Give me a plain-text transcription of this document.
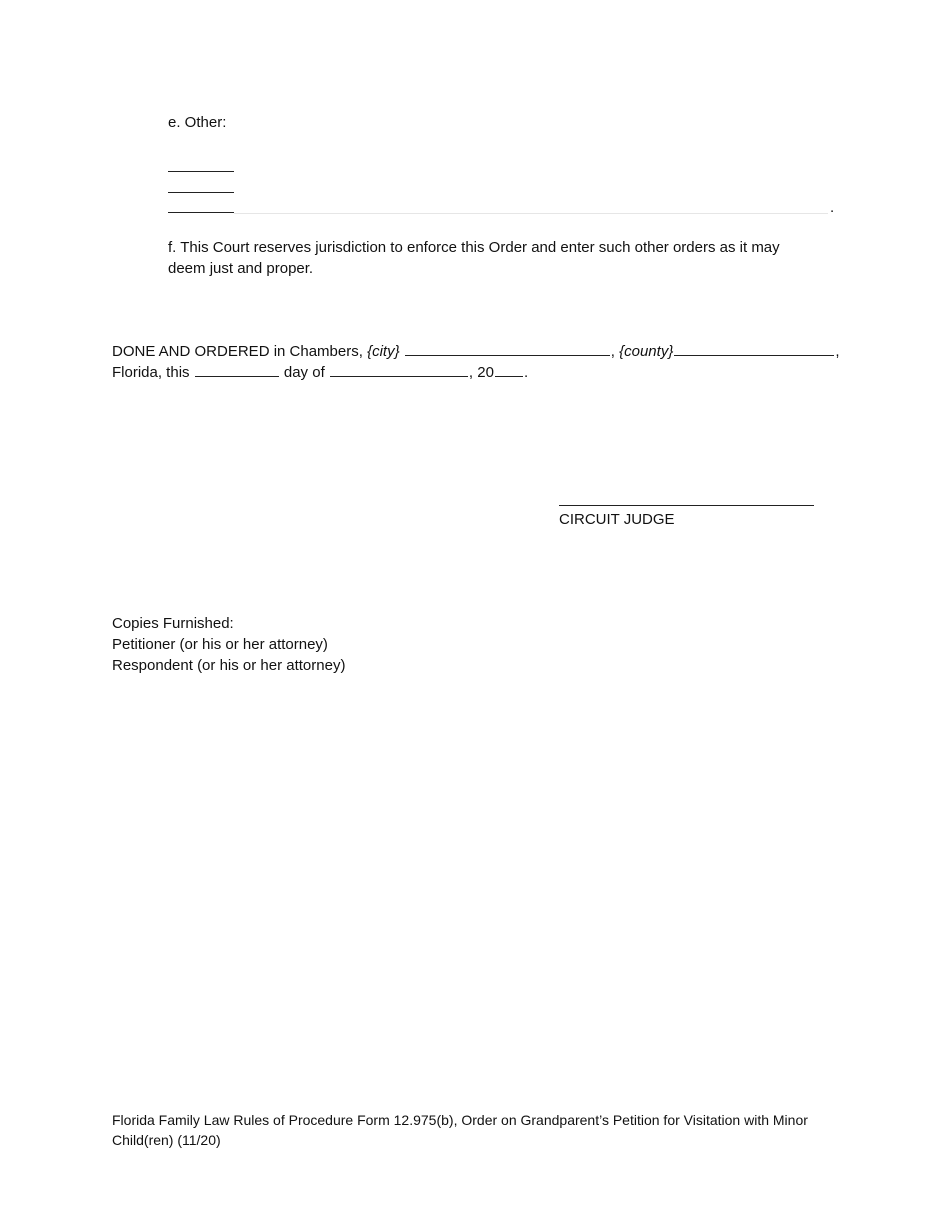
e. Other:
.
f. This Court reserves jurisdiction to enforce this Order and enter such other orders as it may
deem just and proper.
DONE AND ORDERED in Chambers, {city}	, {county}	,
Florida, this	day of	, 20 .
CIRCUIT JUDGE
Copies Furnished:
Petitioner (or his or her attorney)
Respondent (or his or her attorney)
Florida Family Law Rules of Procedure Form 12.975(b), Order on Grandparent’s Petition for Visitation with Minor
Child(ren) (11/20)
